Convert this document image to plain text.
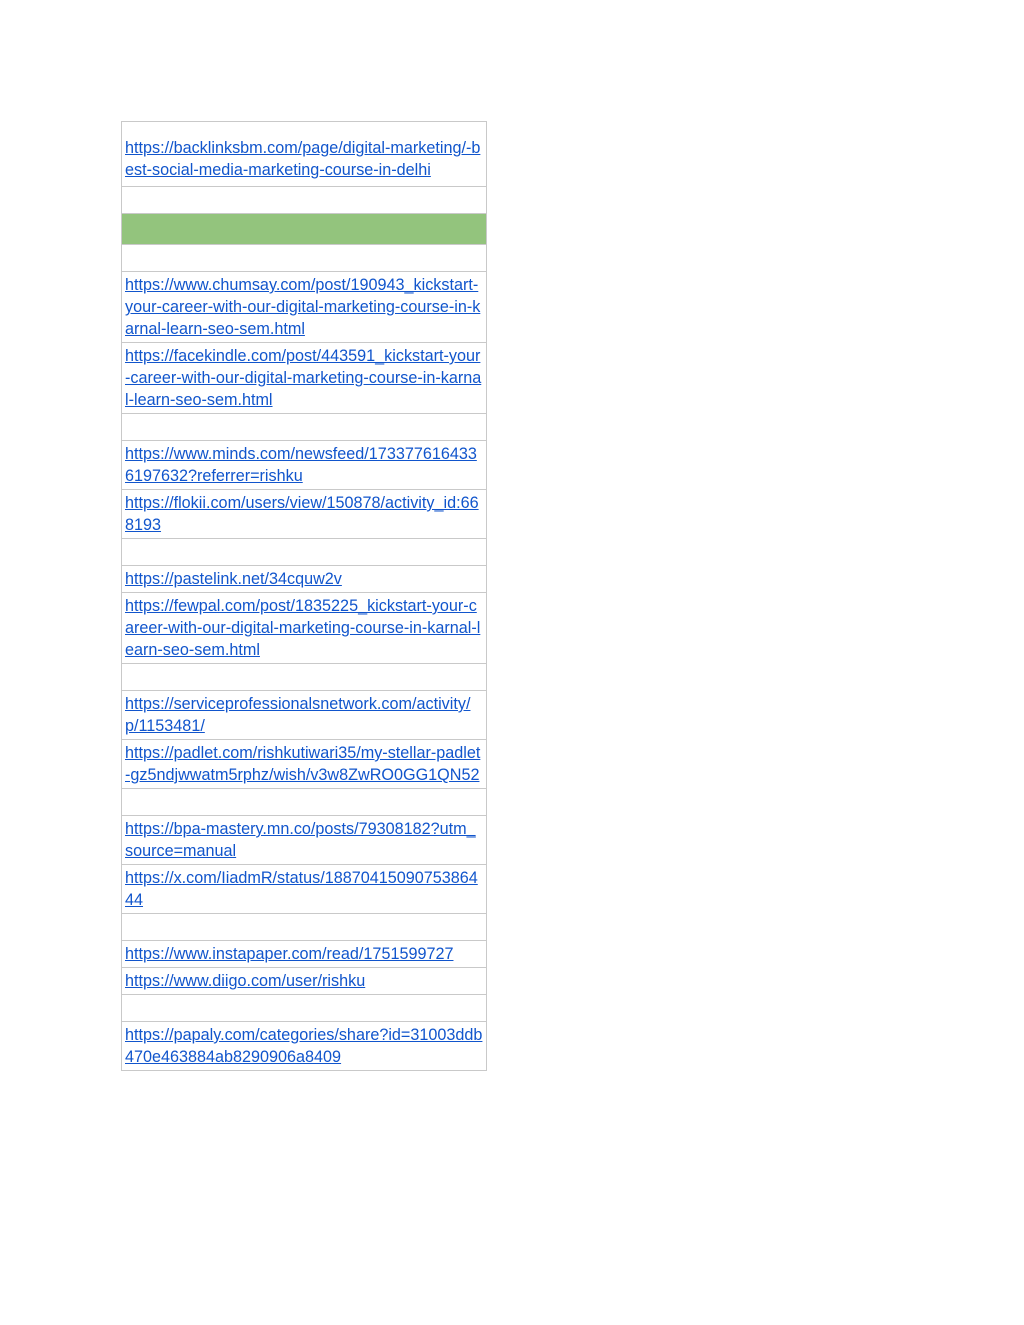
https://backlinksbm.com/page/digital-marketing/-best-social-media-marketing-course-in-delhi

https://www.chumsay.com/post/190943_kickstart-your-career-with-our-digital-marketing-course-in-karnal-learn-seo-sem.html
https://facekindle.com/post/443591_kickstart-your-career-with-our-digital-marketing-course-in-karnal-learn-seo-sem.html

https://www.minds.com/newsfeed/1733776164336197632?referrer=rishku
https://flokii.com/users/view/150878/activity_id:668193

https://pastelink.net/34cquw2v
https://fewpal.com/post/1835225_kickstart-your-career-with-our-digital-marketing-course-in-karnal-learn-seo-sem.html

https://serviceprofessionalsnetwork.com/activity/p/1153481/
https://padlet.com/rishkutiwari35/my-stellar-padlet-gz5ndjwwatm5rphz/wish/v3w8ZwRO0GG1QN52

https://bpa-mastery.mn.co/posts/79308182?utm_source=manual
https://x.com/IiadmR/status/1887041509075386444

https://www.instapaper.com/read/1751599727
https://www.diigo.com/user/rishku

https://papaly.com/categories/share?id=31003ddb470e463884ab8290906a8409
